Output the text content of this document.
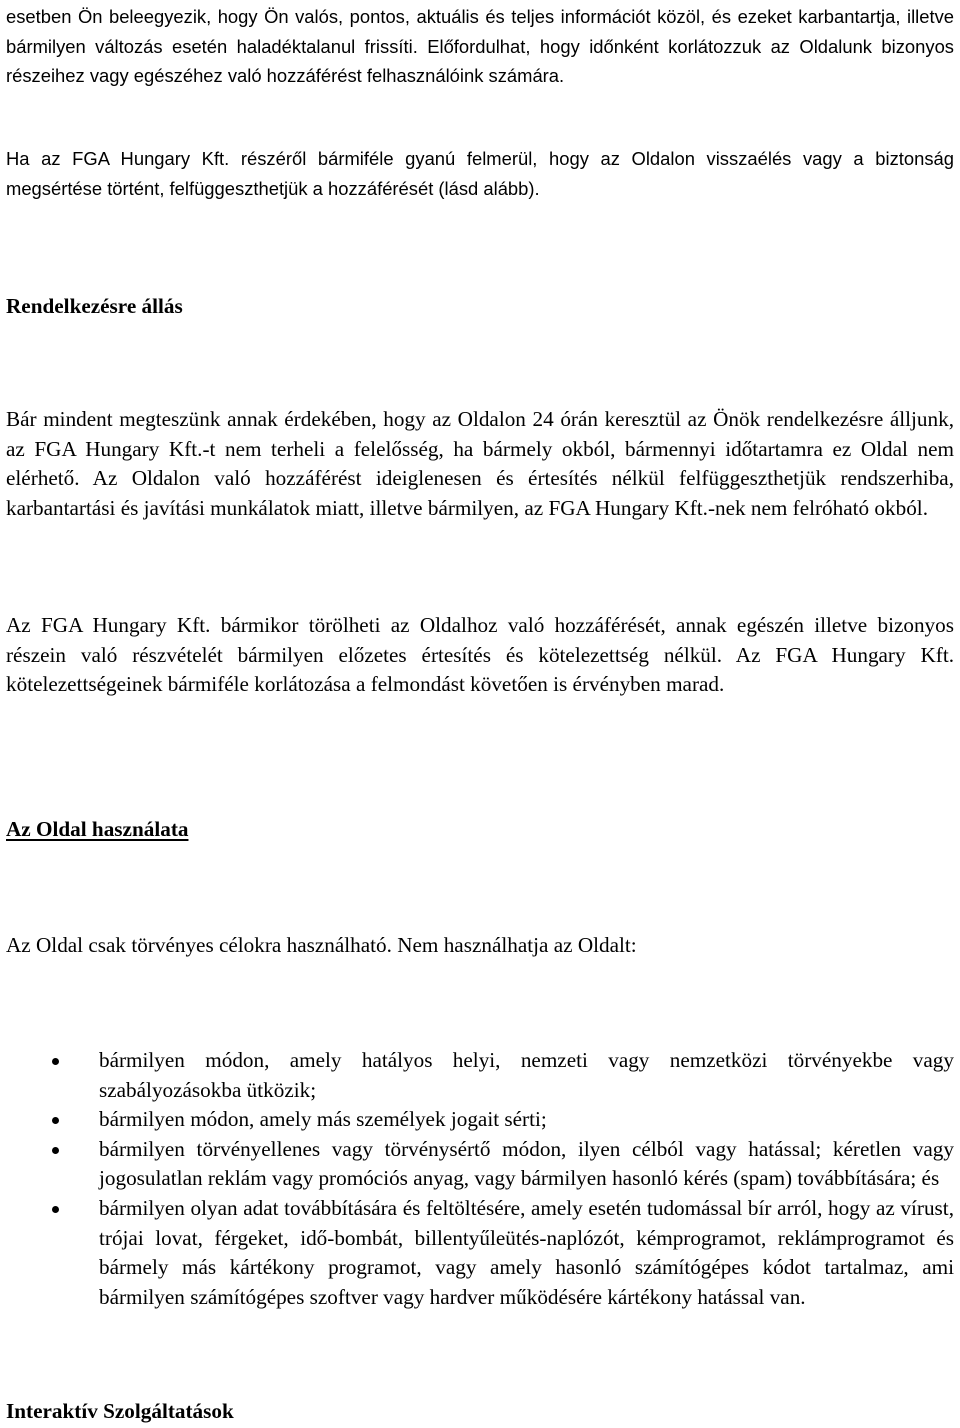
esetben Ön beleegyezik, hogy Ön valós, pontos, aktuális és teljes információt közöl, és ezeket karbantartja, illetve bármilyen változás esetén haladéktalanul frissíti. Előfordulhat, hogy időnként korlátozzuk az Oldalunk bizonyos részeihez vagy egészéhez való hozzáférést felhasználóink számára.

Ha az FGA Hungary Kft. részéről bármiféle gyanú felmerül, hogy az Oldalon visszaélés vagy a biztonság megsértése történt, felfüggeszthetjük a hozzáférését (lásd alább).

Rendelkezésre állás

Bár mindent megteszünk annak érdekében, hogy az Oldalon 24 órán keresztül az Önök rendelkezésre álljunk, az FGA Hungary Kft.-t nem terheli a felelősség, ha bármely okból, bármennyi időtartamra ez Oldal nem elérhető. Az Oldalon való hozzáférést ideiglenesen és értesítés nélkül felfüggeszthetjük rendszerhiba, karbantartási és javítási munkálatok miatt, illetve bármilyen, az FGA Hungary Kft.-nek nem felróható okból.

Az FGA Hungary Kft. bármikor törölheti az Oldalhoz való hozzáférését, annak egészén illetve bizonyos részein való részvételét bármilyen előzetes értesítés és kötelezettség nélkül. Az FGA Hungary Kft. kötelezettségeinek bármiféle korlátozása a felmondást követően is érvényben marad.

Az Oldal használata

Az Oldal csak törvényes célokra használható. Nem használhatja az Oldalt:

bármilyen módon, amely hatályos helyi, nemzeti vagy nemzetközi törvényekbe vagy szabályozásokba ütközik;
bármilyen módon, amely más személyek jogait sérti;
bármilyen törvényellenes vagy törvénysértő módon, ilyen célból vagy hatással; kéretlen vagy jogosulatlan reklám vagy promóciós anyag, vagy bármilyen hasonló kérés (spam) továbbítására; és
bármilyen olyan adat továbbítására és feltöltésére, amely esetén tudomással bír arról, hogy az vírust, trójai lovat, férgeket, idő-bombát, billentyűleütés-naplózót, kémprogramot, reklámprogramot és bármely más kártékony programot, vagy amely hasonló számítógépes kódot tartalmaz, ami bármilyen számítógépes szoftver vagy hardver működésére kártékony hatással van.
Interaktív Szolgáltatások
